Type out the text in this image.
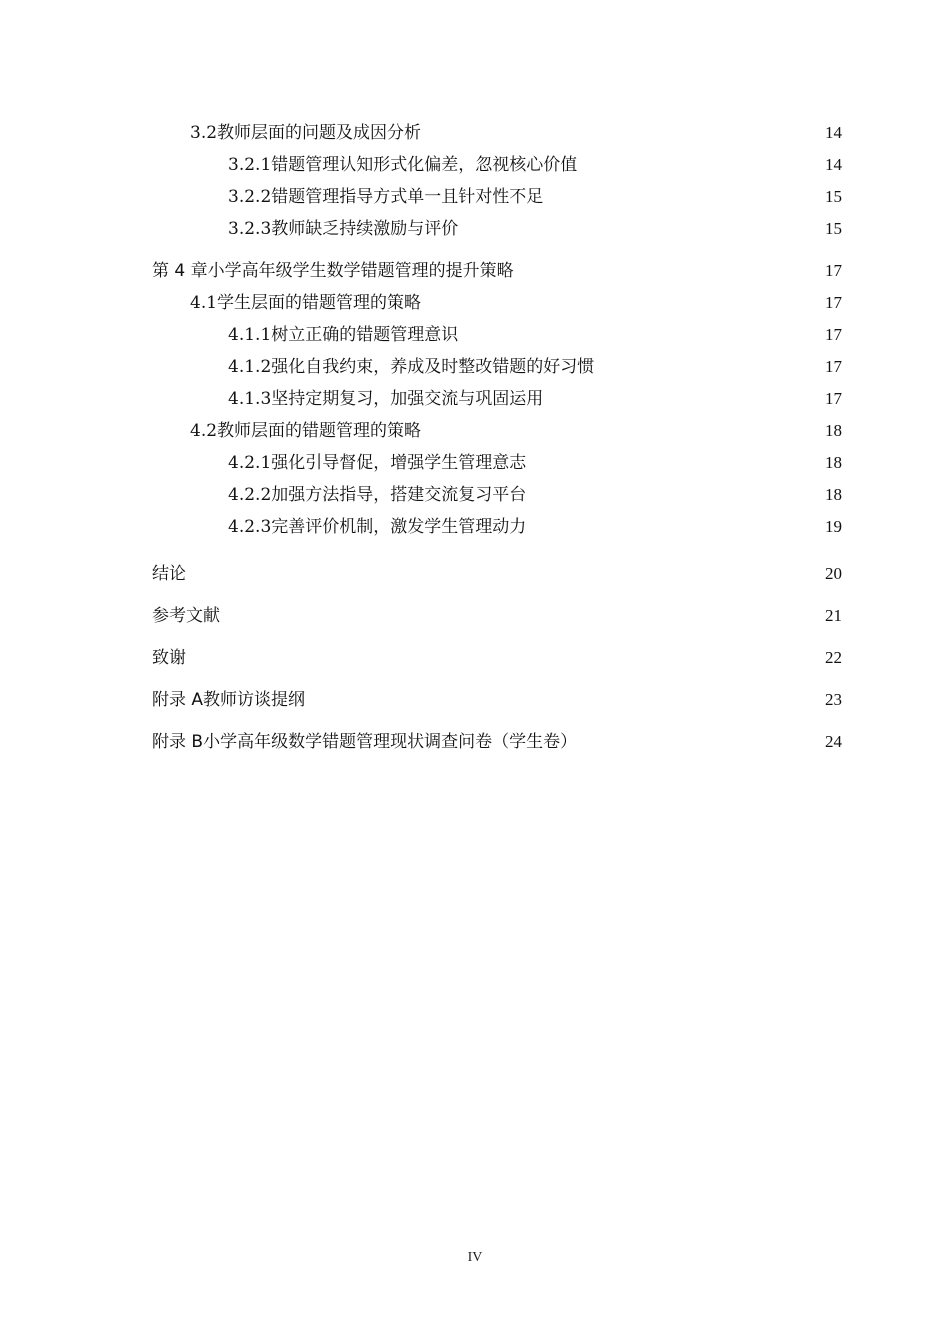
3.2 教师层面的问题及成因分析 .....	14
3.2.1 错题管理认知形式化偏差，忽视核心价值 .....	14
3.2.2 错题管理指导方式单一且针对性不足 .....	15
3.2.3 教师缺乏持续激励与评价 .....	15
第 4 章 小学高年级学生数学错题管理的提升策略 .....	17
4.1 学生层面的错题管理的策略 .....	17
4.1.1 树立正确的错题管理意识 .....	17
4.1.2 强化自我约束，养成及时整改错题的好习惯 .....	17
4.1.3 坚持定期复习，加强交流与巩固运用 .....	17
4.2 教师层面的错题管理的策略 .....	18
4.2.1 强化引导督促，增强学生管理意志 .....	18
4.2.2 加强方法指导，搭建交流复习平台 .....	18
4.2.3 完善评价机制，激发学生管理动力 .....	19
结论 .....	20
参考文献 .....	21
致谢 .....	22
附录 A 教师访谈提纲 .....	23
附录 B 小学高年级数学错题管理现状调查问卷（学生卷） .....	24
IV
